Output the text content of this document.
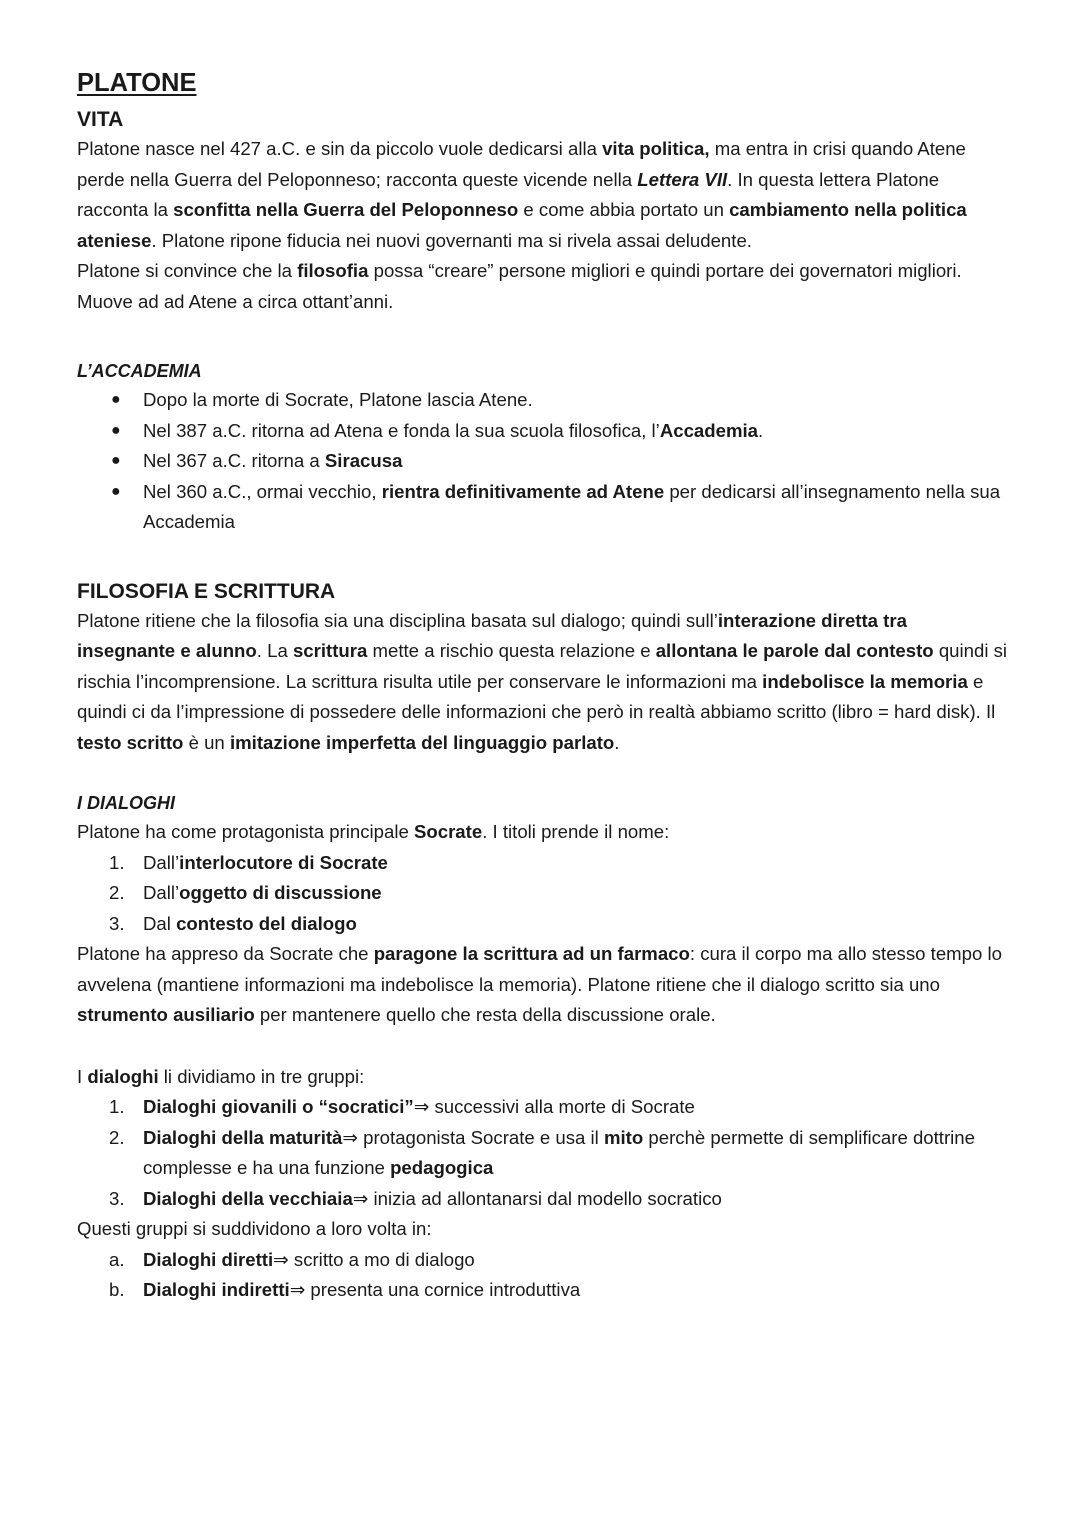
PLATONE
VITA

Platone nasce nel 427 a.C. e sin da piccolo vuole dedicarsi alla vita politica, ma entra in crisi quando Atene perde nella Guerra del Peloponneso; racconta queste vicende nella Lettera VII. In questa lettera Platone racconta la sconfitta nella Guerra del Peloponneso e come abbia portato un cambiamento nella politica ateniese. Platone ripone fiducia nei nuovi governanti ma si rivela assai deludente.

Platone si convince che la filosofia possa “creare” persone migliori e quindi portare dei governatori migliori. Muove ad ad Atene a circa ottant’anni.

L’ACCADEMIA
● Dopo la morte di Socrate, Platone lascia Atene.
● Nel 387 a.C. ritorna ad Atena e fonda la sua scuola filosofica, l’Accademia.
● Nel 367 a.C. ritorna a Siracusa
● Nel 360 a.C., ormai vecchio, rientra definitivamente ad Atene per dedicarsi all’insegnamento nella sua Accademia
FILOSOFIA E SCRITTURA

Platone ritiene che la filosofia sia una disciplina basata sul dialogo; quindi sull’interazione diretta tra insegnante e alunno. La scrittura mette a rischio questa relazione e allontana le parole dal contesto quindi si rischia l’incomprensione. La scrittura risulta utile per conservare le informazioni ma indebolisce la memoria e quindi ci da l’impressione di possedere delle informazioni che però in realtà abbiamo scritto (libro = hard disk). Il testo scritto è un imitazione imperfetta del linguaggio parlato.

I DIALOGHI

Platone ha come protagonista principale Socrate. I titoli prende il nome:

1. Dall’interlocutore di Socrate
2. Dall’oggetto di discussione
3. Dal contesto del dialogo

Platone ha appreso da Socrate che paragone la scrittura ad un farmaco: cura il corpo ma allo stesso tempo lo avvelena (mantiene informazioni ma indebolisce la memoria). Platone ritiene che il dialogo scritto sia uno strumento ausiliario per mantenere quello che resta della discussione orale.

I dialoghi li dividiamo in tre gruppi:

1. Dialoghi giovanili o “socratici”⇒ successivi alla morte di Socrate
2. Dialoghi della maturità⇒ protagonista Socrate e usa il mito perchè permette di semplificare dottrine complesse e ha una funzione pedagogica
3. Dialoghi della vecchiaia⇒ inizia ad allontanarsi dal modello socratico

Questi gruppi si suddividono a loro volta in:

a. Dialoghi diretti⇒ scritto a mo di dialogo
b. Dialoghi indiretti⇒ presenta una cornice introduttiva
